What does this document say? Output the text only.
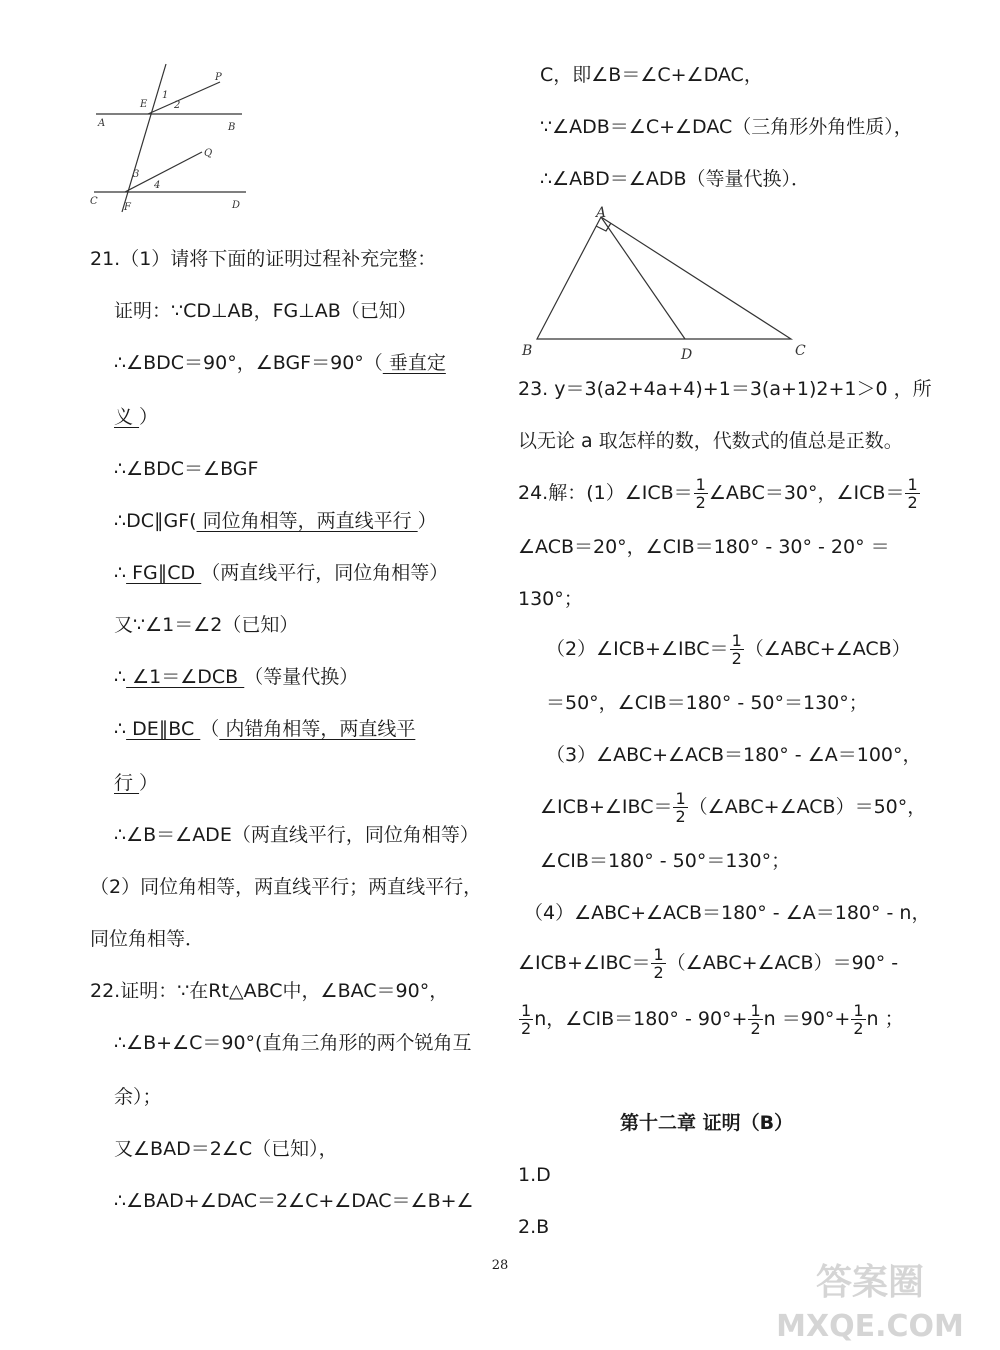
P
E
1
2
A	B
Q
3
4
C
F	D	A
B	D	C
21.（1）请将下面的证明过程补充完整：
证明：∵CD⊥AB，FG⊥AB（已知）
∴∠BDC＝90°，∠BGF＝90°（ 垂直定
义 ）
∴∠BDC＝∠BGF
∴DC∥GF( 同位角相等，两直线平行 ）
∴ FG∥CD （两直线平行，同位角相等）
又∵∠1＝∠2（已知）
∴ ∠1＝∠DCB （等量代换）
∴ DE∥BC （ 内错角相等，两直线平
行 ）
∴∠B＝∠ADE（两直线平行，同位角相等）
（2）同位角相等，两直线平行；两直线平行，
同位角相等．
22.证明：∵在Rt△ABC中，∠BAC＝90°，
∴∠B+∠C＝90°(直角三角形的两个锐角互
余）；
又∠BAD＝2∠C（已知），
∴∠BAD+∠DAC＝2∠C+∠DAC＝∠B+∠
C，即∠B＝∠C+∠DAC，
∵∠ADB＝∠C+∠DAC（三角形外角性质），
∴∠ABD＝∠ADB（等量代换）．
23. y＝3(a2+4a+4)+1＝3(a+1)2+1＞0 ，所
以无论 a 取怎样的数，代数式的值总是正数。
24.解：(1）∠ICB＝ $\frac{1}{2}$ ∠ABC＝30°，∠ICB＝ $\frac{1}{2}$
∠ACB＝20°，∠CIB＝180° - 30° - 20° ＝
130°；
（2）∠ICB+∠IBC＝ $\frac{1}{2}$ （∠ABC+∠ACB）
＝50°，∠CIB＝180° - 50°＝130°；
（3）∠ABC+∠ACB＝180° - ∠A＝100°，
∠ICB+∠IBC＝ $\frac{1}{2}$ （∠ABC+∠ACB）＝50°，
∠CIB＝180° - 50°＝130°；
（4）∠ABC+∠ACB＝180° - ∠A＝180° - n，
∠ICB+∠IBC＝ $\frac{1}{2}$ （∠ABC+∠ACB）＝90° -
$\frac{1}{2}$ n，∠CIB＝180° - $90^\circ+ \frac{1}{2}$ $n =90^\circ+ \frac{1}{2}$ n ；
第十二章 证明（B）
1.D
2.B
28	答案圈
MXQE.COM
